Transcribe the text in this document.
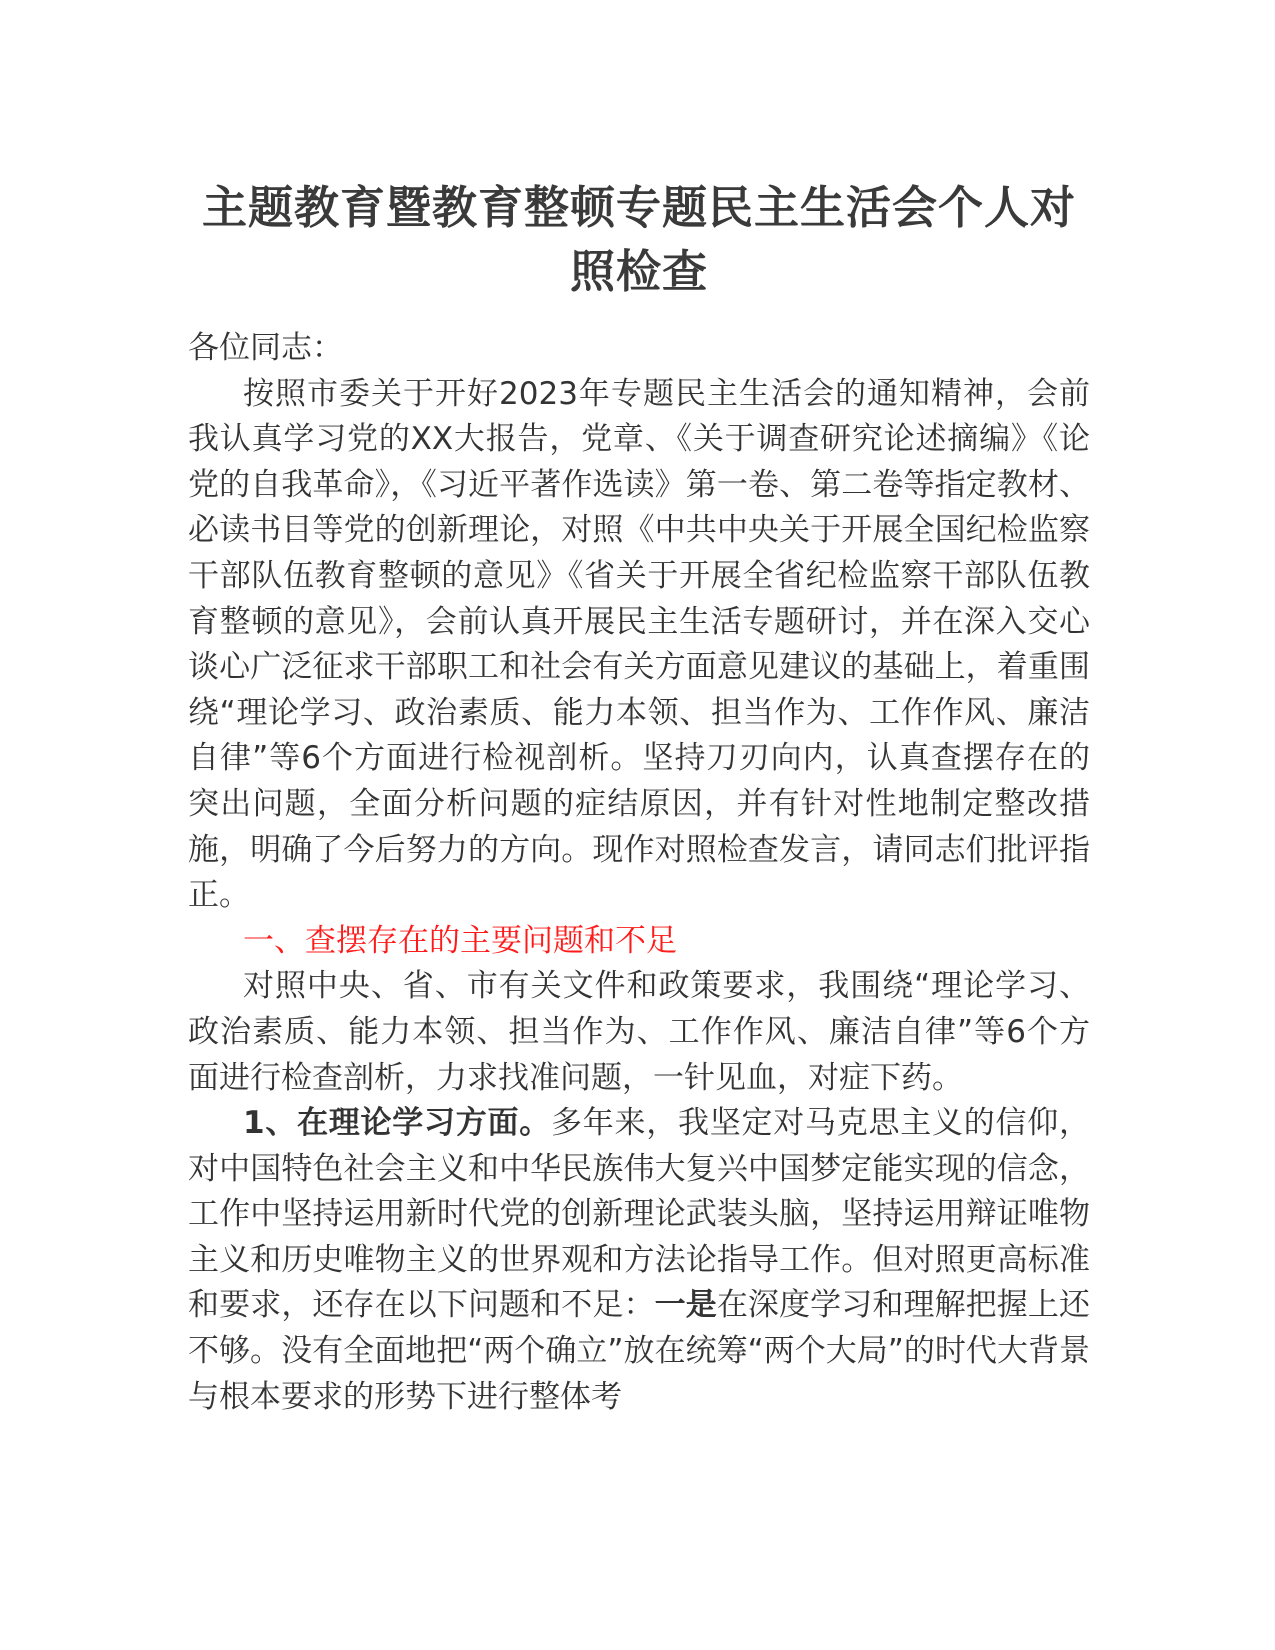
主题教育暨教育整顿专题民主生活会个人对
照检查

各位同志：

按照市委关于开好2023年专题民主生活会的通知精神，会前我认真学习党的XX大报告，党章、《关于调查研究论述摘编》《论党的自我革命》，《习近平著作选读》第一卷、第二卷等指定教材、必读书目等党的创新理论，对照《中共中央关于开展全国纪检监察干部队伍教育整顿的意见》《省关于开展全省纪检监察干部队伍教育整顿的意见》，会前认真开展民主生活专题研讨，并在深入交心谈心广泛征求干部职工和社会有关方面意见建议的基础上，着重围绕“理论学习、政治素质、能力本领、担当作为、工作作风、廉洁自律”等6个方面进行检视剖析。坚持刀刃向内，认真查摆存在的突出问题，全面分析问题的症结原因，并有针对性地制定整改措施，明确了今后努力的方向。现作对照检查发言，请同志们批评指正。

一、查摆存在的主要问题和不足

对照中央、省、市有关文件和政策要求，我围绕“理论学习、政治素质、能力本领、担当作为、工作作风、廉洁自律”等6个方面进行检查剖析，力求找准问题，一针见血，对症下药。

1、在理论学习方面。多年来，我坚定对马克思主义的信仰，对中国特色社会主义和中华民族伟大复兴中国梦定能实现的信念，工作中坚持运用新时代党的创新理论武装头脑，坚持运用辩证唯物主义和历史唯物主义的世界观和方法论指导工作。但对照更高标准和要求，还存在以下问题和不足：一是在深度学习和理解把握上还不够。没有全面地把“两个确立”放在统筹“两个大局”的时代大背景与根本要求的形势下进行整体考
